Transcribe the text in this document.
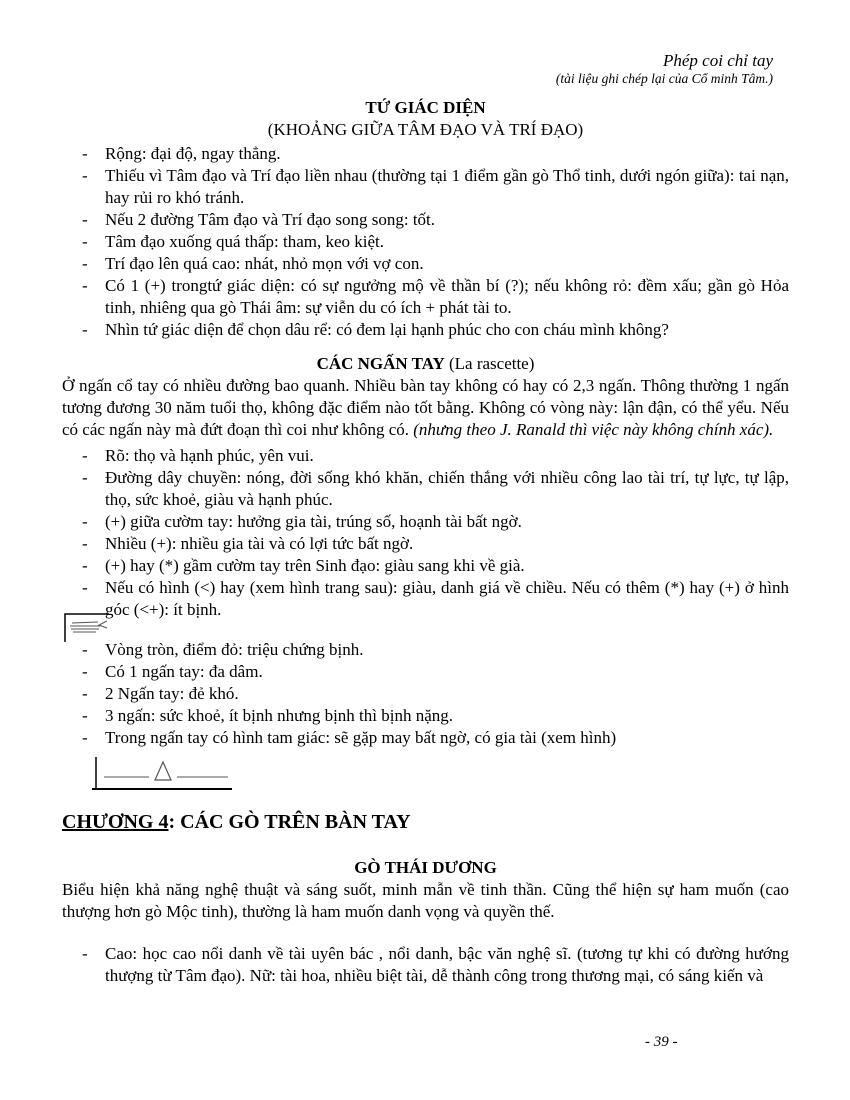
Phép coi chỉ tay
(tài liệu ghi chép lại của Cổ minh Tâm.)
TỨ GIÁC DIỆN
(KHOẢNG GIỮA TÂM ĐẠO VÀ TRÍ ĐẠO)
- Rộng: đại độ, ngay thẳng.
- Thiếu vì Tâm đạo và Trí đạo liền nhau (thường tại 1 điểm gần gò Thổ tinh, dưới ngón giữa): tai nạn, hay rủi ro khó tránh.
- Nếu 2 đường Tâm đạo và Trí đạo song song: tốt.
- Tâm đạo xuống quá thấp: tham, keo kiệt.
- Trí đạo lên quá cao: nhát, nhỏ mọn với vợ con.
- Có 1 (+) trongtứ giác diện: có sự ngưởng mộ về thần bí (?); nếu không rỏ: đềm xấu; gần gò Hỏa tinh, nhiêng qua gò Thái âm: sự viễn du có ích + phát tài to.
- Nhìn tứ giác diện để chọn dâu rể: có đem lại hạnh phúc cho con cháu mình không?
CÁC NGẤN TAY (La rascette)

Ở ngấn cổ tay có nhiều đường bao quanh. Nhiều bàn tay không có hay có 2,3 ngấn. Thông thường 1 ngấn tương đương 30 năm tuổi thọ, không đặc điểm nào tốt bằng. Không có vòng này: lận đận, có thể yểu. Nếu có các ngấn này mà đứt đoạn thì coi như không có. (nhưng theo J. Ranald thì việc này không chính xác).

- Rõ: thọ và hạnh phúc, yên vui.
- Đường dây chuyền: nóng, đời sống khó khăn, chiến thắng với nhiều công lao tài trí, tự lực, tự lập, thọ, sức khoẻ, giàu và hạnh phúc.
- (+) giữa cườm tay: hưởng gia tài, trúng số, hoạnh tài bất ngờ.
- Nhiều (+): nhiều gia tài và có lợi tức bất ngờ.
- (+) hay (*) gầm cườm tay trên Sinh đạo: giàu sang khi về già.
- Nếu có hình (<) hay (xem hình trang sau): giàu, danh giá về chiều. Nếu có thêm (*) hay (+) ở hình góc (<+): ít bịnh.
- Vòng tròn, điểm đỏ: triệu chứng bịnh.
- Có 1 ngấn tay: đa dâm.
- 2 Ngấn tay: đẻ khó.
- 3 ngấn: sức khoẻ, ít bịnh nhưng bịnh thì bịnh nặng.
- Trong ngấn tay có hình tam giác: sẽ gặp may bất ngờ, có gia tài (xem hình)
CHƯƠNG 4: CÁC GÒ TRÊN BÀN TAY
GÒ THÁI DƯƠNG

Biểu hiện khả năng nghệ thuật và sáng suốt, minh mẫn về tinh thần. Cũng thể hiện sự ham muốn (cao thượng hơn gò Mộc tinh), thường là ham muốn danh vọng và quyền thế.

- Cao: học cao nổi danh về tài uyên bác , nổi danh, bậc văn nghệ sĩ. (tương tự khi có đường hướng thượng từ Tâm đạo). Nữ: tài hoa, nhiều biệt tài, dễ thành công trong thương mại, có sáng kiến và
- 39 -
